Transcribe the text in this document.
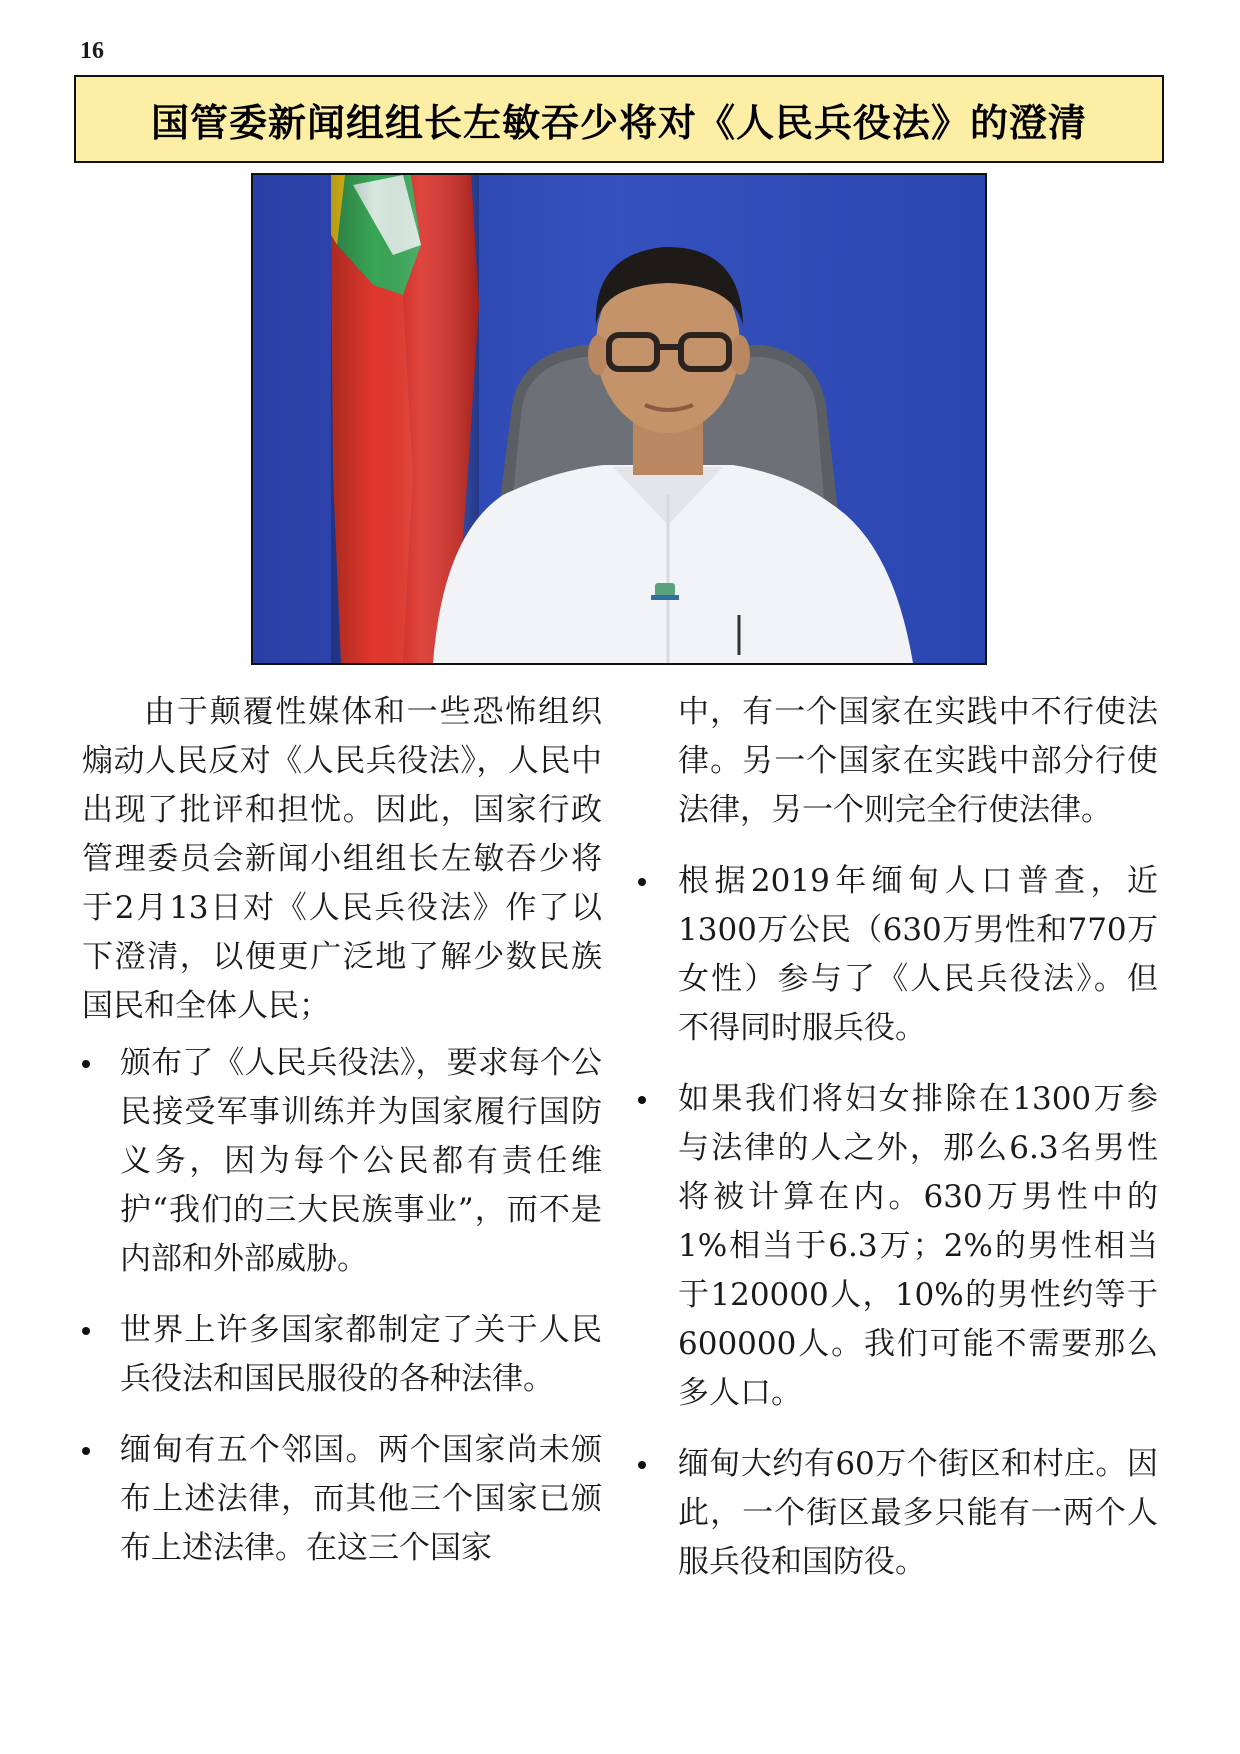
16
国管委新闻组组长左敏吞少将对《人民兵役法》的澄清

由于颠覆性媒体和一些恐怖组织煽动人民反对《人民兵役法》，人民中出现了批评和担忧。因此，国家行政管理委员会新闻小组组长左敏吞少将于2月13日对《人民兵役法》作了以下澄清，以便更广泛地了解少数民族国民和全体人民；

颁布了《人民兵役法》，要求每个公民接受军事训练并为国家履行国防义务，因为每个公民都有责任维护“我们的三大民族事业”，而不是内部和外部威胁。
世界上许多国家都制定了关于人民兵役法和国民服役的各种法律。
缅甸有五个邻国。两个国家尚未颁布上述法律，而其他三个国家已颁布上述法律。在这三个国家

中，有一个国家在实践中不行使法律。另一个国家在实践中部分行使法律，另一个则完全行使法律。

根据2019年缅甸人口普查，近1300万公民（630万男性和770万女性）参与了《人民兵役法》。但不得同时服兵役。
如果我们将妇女排除在1300万参与法律的人之外，那么6.3名男性将被计算在内。630万男性中的1%相当于6.3万；2%的男性相当于120000人，10%的男性约等于600000人。我们可能不需要那么多人口。
缅甸大约有60万个街区和村庄。因此，一个街区最多只能有一两个人服兵役和国防役。
